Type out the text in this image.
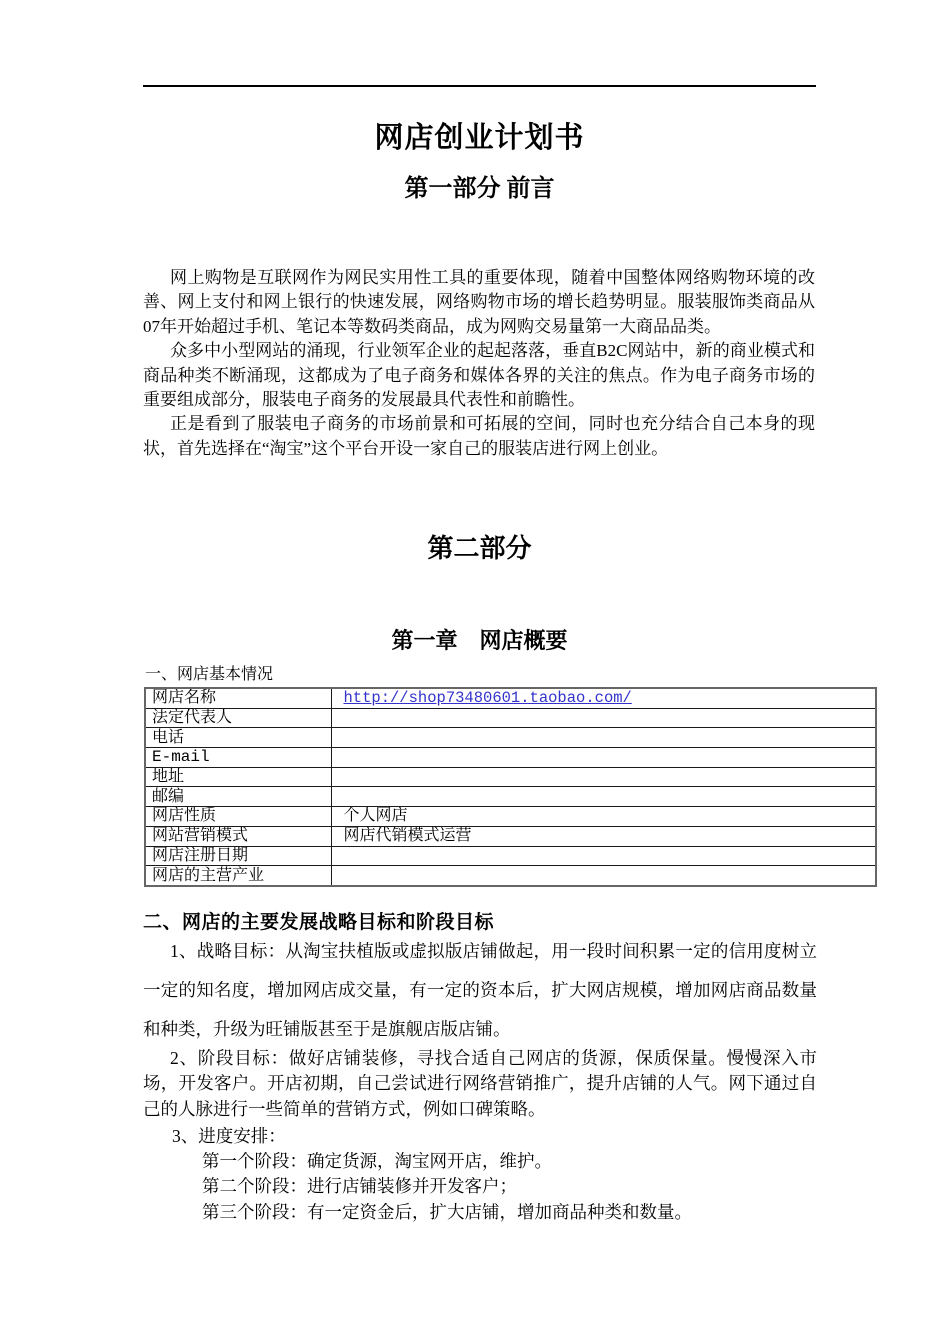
网店创业计划书
第一部分 前言

网上购物是互联网作为网民实用性工具的重要体现，随着中国整体网络购物环境的改善、网上支付和网上银行的快速发展，网络购物市场的增长趋势明显。服装服饰类商品从07年开始超过手机、笔记本等数码类商品，成为网购交易量第一大商品品类。

众多中小型网站的涌现，行业领军企业的起起落落，垂直B2C网站中，新的商业模式和商品种类不断涌现，这都成为了电子商务和媒体各界的关注的焦点。作为电子商务市场的重要组成部分，服装电子商务的发展最具代表性和前瞻性。

正是看到了服装电子商务的市场前景和可拓展的空间，同时也充分结合自己本身的现状，首先选择在“淘宝”这个平台开设一家自己的服装店进行网上创业。

第二部分
第一章　网店概要
一、网店基本情况
网店名称	http://shop73480601.taobao.com/
法定代表人	
电话	
E-mail	
地址	
邮编	
网店性质	个人网店
网站营销模式	网店代销模式运营
网店注册日期	
网店的主营产业	
二、网店的主要发展战略目标和阶段目标

1、战略目标：从淘宝扶植版或虚拟版店铺做起，用一段时间积累一定的信用度树立一定的知名度，增加网店成交量，有一定的资本后，扩大网店规模，增加网店商品数量和种类，升级为旺铺版甚至于是旗舰店版店铺。

2、阶段目标：做好店铺装修，寻找合适自己网店的货源，保质保量。慢慢深入市场，开发客户。开店初期，自己尝试进行网络营销推广，提升店铺的人气。网下通过自己的人脉进行一些简单的营销方式，例如口碑策略。

3、进度安排：
第一个阶段：确定货源，淘宝网开店，维护。
第二个阶段：进行店铺装修并开发客户；
第三个阶段：有一定资金后，扩大店铺，增加商品种类和数量。
